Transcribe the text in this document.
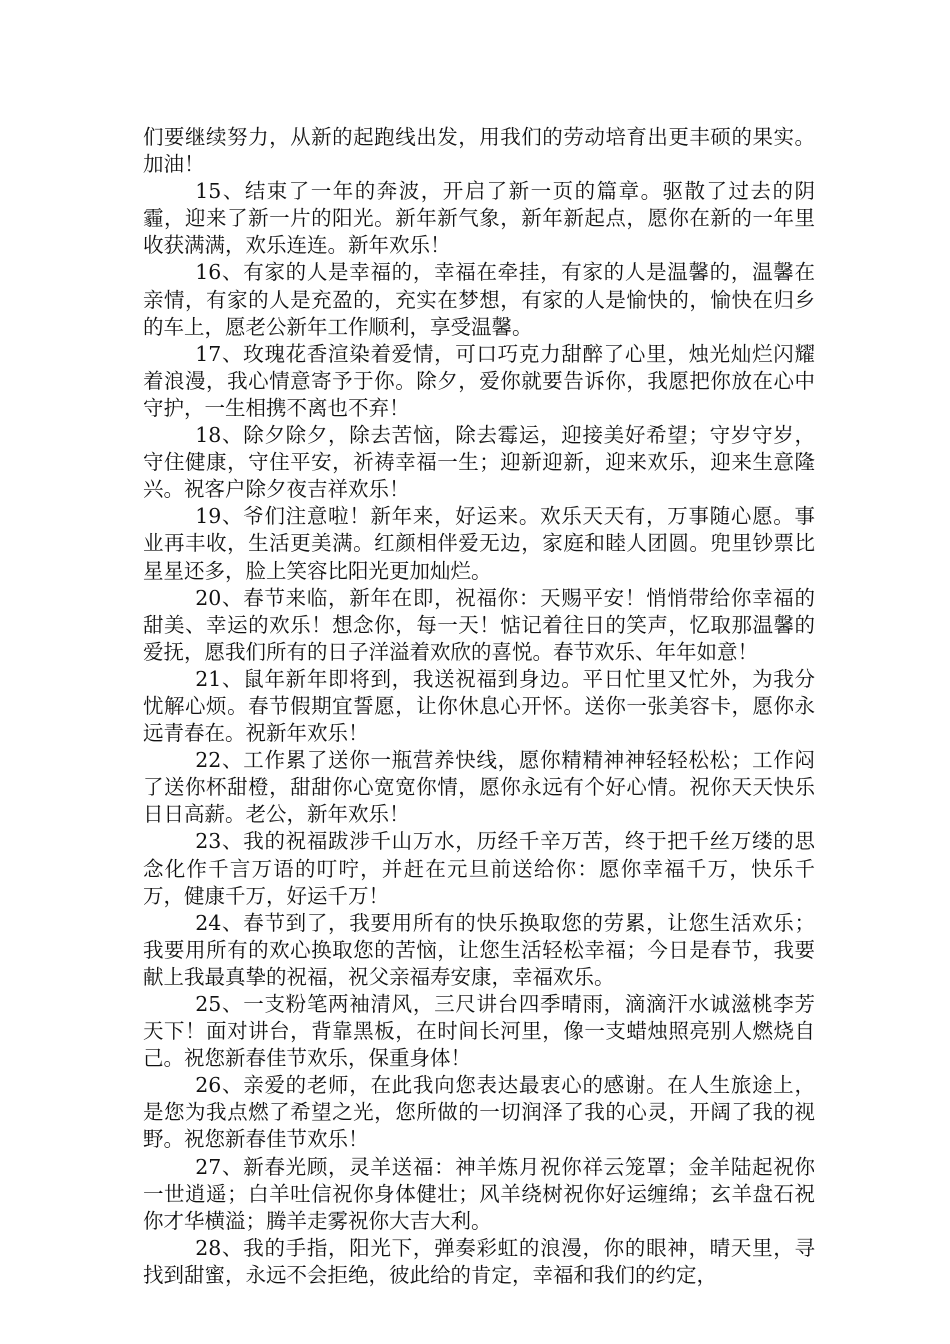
们要继续努力，从新的起跑线出发，用我们的劳动培育出更丰硕的果实。加油！

15、结束了一年的奔波，开启了新一页的篇章。驱散了过去的阴霾，迎来了新一片的阳光。新年新气象，新年新起点，愿你在新的一年里收获满满，欢乐连连。新年欢乐！

16、有家的人是幸福的，幸福在牵挂，有家的人是温馨的，温馨在亲情，有家的人是充盈的，充实在梦想，有家的人是愉快的，愉快在归乡的车上，愿老公新年工作顺利，享受温馨。

17、玫瑰花香渲染着爱情，可口巧克力甜醉了心里，烛光灿烂闪耀着浪漫，我心情意寄予于你。除夕，爱你就要告诉你，我愿把你放在心中守护，一生相携不离也不弃！

18、除夕除夕，除去苦恼，除去霉运，迎接美好希望；守岁守岁，守住健康，守住平安，祈祷幸福一生；迎新迎新，迎来欢乐，迎来生意隆兴。祝客户除夕夜吉祥欢乐！

19、爷们注意啦！新年来，好运来。欢乐天天有，万事随心愿。事业再丰收，生活更美满。红颜相伴爱无边，家庭和睦人团圆。兜里钞票比星星还多，脸上笑容比阳光更加灿烂。

20、春节来临，新年在即，祝福你：天赐平安！悄悄带给你幸福的甜美、幸运的欢乐！想念你，每一天！惦记着往日的笑声，忆取那温馨的爱抚，愿我们所有的日子洋溢着欢欣的喜悦。春节欢乐、年年如意！

21、鼠年新年即将到，我送祝福到身边。平日忙里又忙外，为我分忧解心烦。春节假期宜誓愿，让你休息心开怀。送你一张美容卡，愿你永远青春在。祝新年欢乐！

22、工作累了送你一瓶营养快线，愿你精精神神轻轻松松；工作闷了送你杯甜橙，甜甜你心宽宽你情，愿你永远有个好心情。祝你天天快乐日日高薪。老公，新年欢乐！

23、我的祝福跋涉千山万水，历经千辛万苦，终于把千丝万缕的思念化作千言万语的叮咛，并赶在元旦前送给你：愿你幸福千万，快乐千万，健康千万，好运千万！

24、春节到了，我要用所有的快乐换取您的劳累，让您生活欢乐；我要用所有的欢心换取您的苦恼，让您生活轻松幸福；今日是春节，我要献上我最真挚的祝福，祝父亲福寿安康，幸福欢乐。

25、一支粉笔两袖清风，三尺讲台四季晴雨，滴滴汗水诚滋桃李芳天下！面对讲台，背靠黑板，在时间长河里，像一支蜡烛照亮别人燃烧自己。祝您新春佳节欢乐，保重身体！

26、亲爱的老师，在此我向您表达最衷心的感谢。在人生旅途上，是您为我点燃了希望之光，您所做的一切润泽了我的心灵，开阔了我的视野。祝您新春佳节欢乐！

27、新春光顾，灵羊送福：神羊炼月祝你祥云笼罩；金羊陆起祝你一世逍遥；白羊吐信祝你身体健壮；风羊绕树祝你好运缠绵；玄羊盘石祝你才华横溢；腾羊走雾祝你大吉大利。

28、我的手指，阳光下，弹奏彩虹的浪漫，你的眼神，晴天里，寻找到甜蜜，永远不会拒绝，彼此给的肯定，幸福和我们的约定，
